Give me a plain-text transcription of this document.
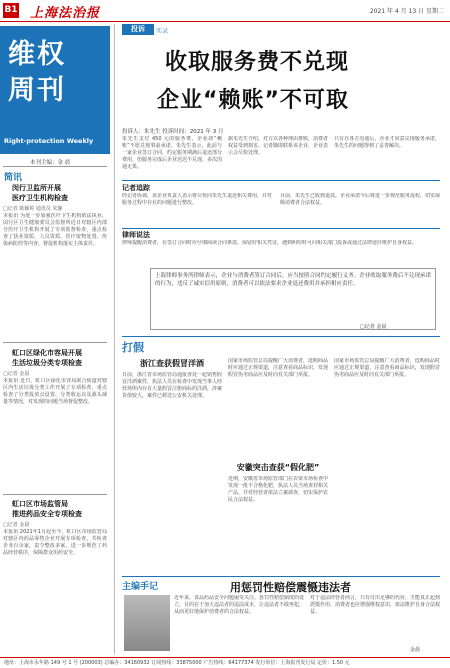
B1 上海法治报	2021 年 4 月 13 日 星期二
维权
周刊
Right-protection Weekly
本刊主编：金 晨
简讯
闵行卫监所开展
医疗卫生机构检查
□记者 陈颖婷 通讯员 朱静
本报讯 为进一步加强医疗卫生机构依法执业，闵行区卫生健康委员会监督所近日对辖区内部分医疗卫生机构开展了专项监督检查，重点检查了执业资质、人员资质、医疗废物处置、传染病防控等内容，督促机构落实主体责任。
虹口区绿化市容局开展
生活垃圾分类专项检查
□记者 金晨
本报讯 近日，虹口区绿化市容局联合街道对辖区内生活垃圾分类工作开展了专项检查，重点检查了分类投放点设置、分类收运以及源头减量等情况，对发现的问题当场督促整改。
虹口区市场监管局
推进药品安全专项检查
□记者 金晨
本报讯 2021年1月起至今，虹口区市场监管局对辖区内药品零售企业开展专项检查，共检查企业百余家，责令整改多家，进一步规范了药品经营秩序，保障群众用药安全。
投诉	实录
收取服务费不兑现
企业“赖账”不可取
投诉人：朱先生 投诉时间：2021 年 3 月
朱先生支付 450 元的服务费，企业却“赖账”不愿兑现事前承诺。朱先生表示，此前与一家企业签订合同，约定服务期满后退还部分费用，但服务完成后企业迟迟不兑现，多次沟通无果。
据朱先生介绍，对方以各种理由推脱，消费者权益受到损害。记者随即联系该企业，企业表示会尽快处理。
只有在各方沟通后，企业才同意兑现服务承诺，朱先生的问题得到了妥善解决。
记者追踪
经记者协调，该企业负责人表示将尽快向朱先生退还相关费用，并对服务过程中存在的问题进行整改。
目前，朱先生已收到退款。企业承诺今后将进一步规范服务流程，切实保障消费者合法权益。
律师说法
律师提醒消费者，在签订合同时应仔细阅读合同条款，保留好相关凭证，遇到纠纷时可向相关部门投诉或通过法律途径维护自身权益。
上海律师事务所律师表示，企业与消费者签订合同后，应当按照合同约定履行义务。企业收取服务费后不兑现承诺的行为，违反了诚实信用原则，消费者可以依法要求企业退还费用并承担相应责任。
□记者 金晨
打假
浙江查获假冒洋酒
日前，浙江省市场监管局通报查处一起销售假冒洋酒案件，执法人员在检查中发现当事人经营场所内存有大量假冒注册商标的洋酒，涉案货值较大，案件已移送公安机关处理。
国家市场监管总局提醒广大消费者，选购商品时应通过正规渠道，注意查看商品标识，发现假冒伪劣商品应及时向有关部门举报。
安徽突击查获“假化肥”
近期，安徽省市场监管部门在农资市场检查中发现一批不合格化肥，执法人员当场查封相关产品，并对经营者依法立案调查，切实保护农民合法权益。
国家市场监管总局提醒广大消费者，选购商品时应通过正规渠道，注意查看商品标识，发现假冒伪劣商品应及时向有关部门举报。
主编手记	用惩罚性赔偿震慑违法者
近年来，食品药品安全问题屡受关注。惩罚性赔偿制度的设立，目的在于加大违法者的违法成本，让违法者不敢再犯，从而更好地保护消费者的合法权益。
对于违法经营者而言，只有付出足够的代价，才能真正起到震慑作用。消费者也应增强维权意识，依法维护自身合法权益。
金晨
地址：上海市永年路 149 号 1 号 (200003) 总编办：34160932 订阅热线：33875000 广告热线：64177374 发行单位：上海报刊发行局 定价：1.50 元
